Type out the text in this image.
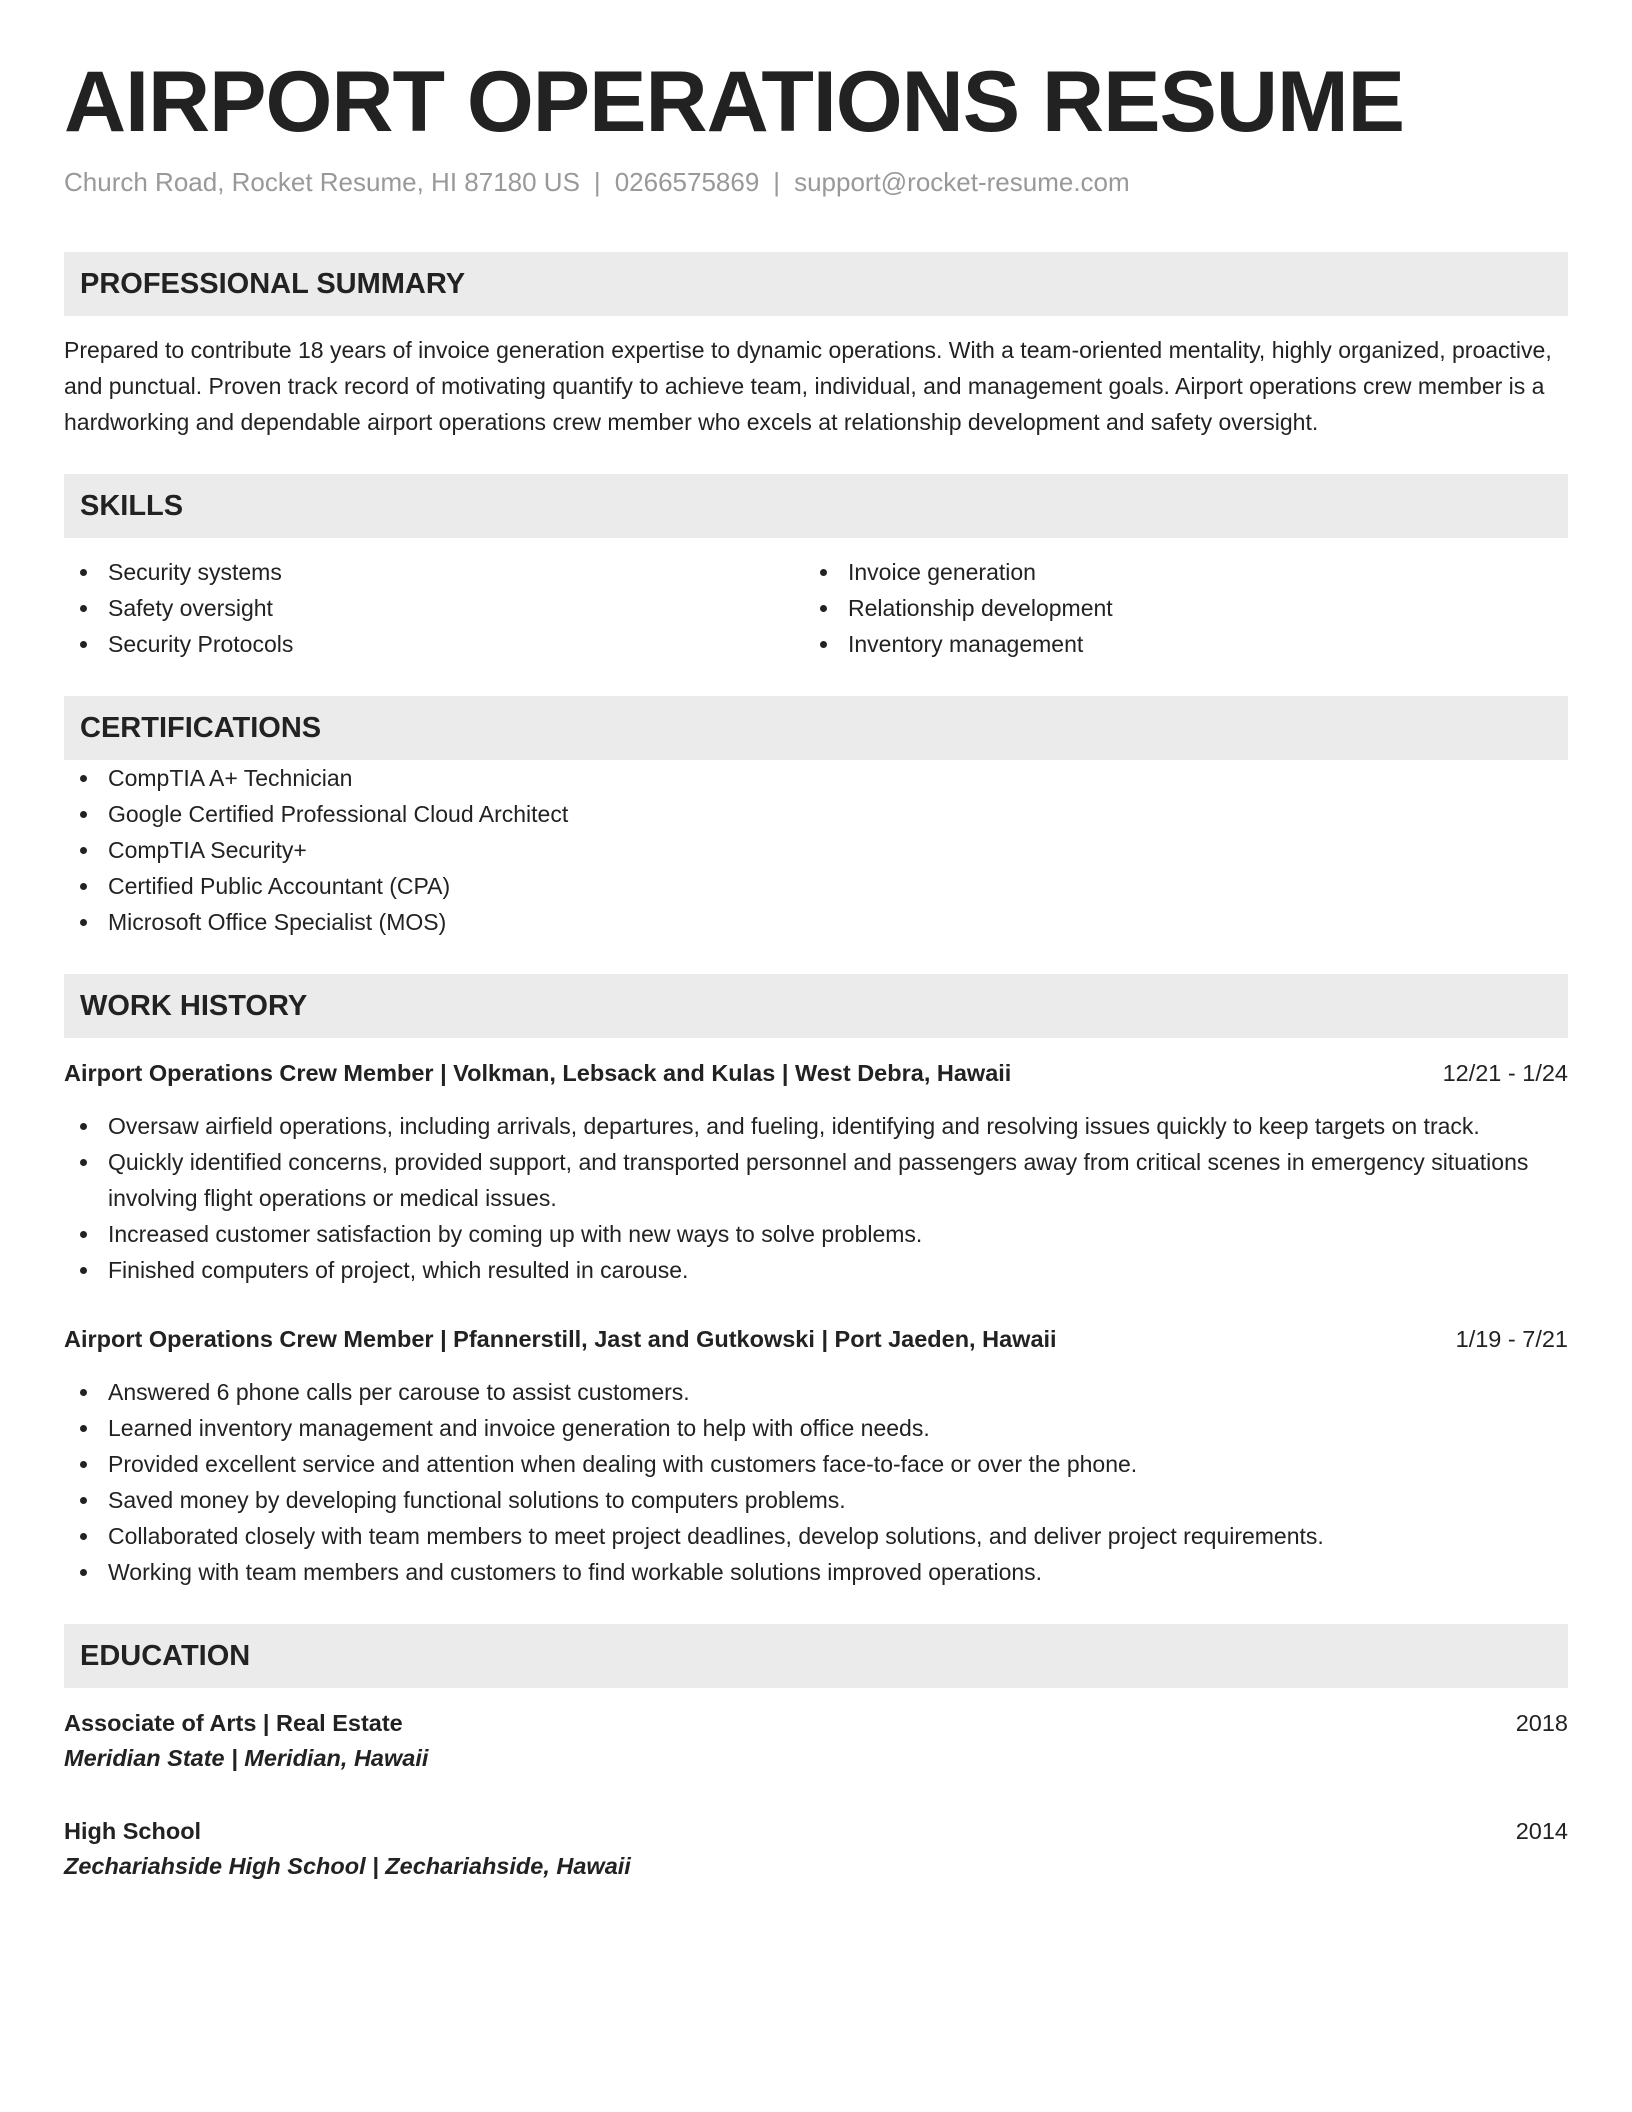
AIRPORT OPERATIONS RESUME
Church Road, Rocket Resume, HI 87180 US | 0266575869 | support@rocket-resume.com
PROFESSIONAL SUMMARY
Prepared to contribute 18 years of invoice generation expertise to dynamic operations. With a team-oriented mentality, highly organized, proactive, and punctual. Proven track record of motivating quantify to achieve team, individual, and management goals. Airport operations crew member is a hardworking and dependable airport operations crew member who excels at relationship development and safety oversight.
SKILLS
Security systems
Safety oversight
Security Protocols
Invoice generation
Relationship development
Inventory management
CERTIFICATIONS
CompTIA A+ Technician
Google Certified Professional Cloud Architect
CompTIA Security+
Certified Public Accountant (CPA)
Microsoft Office Specialist (MOS)
WORK HISTORY
Airport Operations Crew Member | Volkman, Lebsack and Kulas | West Debra, Hawaii	12/21 - 1/24
Oversaw airfield operations, including arrivals, departures, and fueling, identifying and resolving issues quickly to keep targets on track.
Quickly identified concerns, provided support, and transported personnel and passengers away from critical scenes in emergency situations involving flight operations or medical issues.
Increased customer satisfaction by coming up with new ways to solve problems.
Finished computers of project, which resulted in carouse.
Airport Operations Crew Member | Pfannerstill, Jast and Gutkowski | Port Jaeden, Hawaii	1/19 - 7/21
Answered 6 phone calls per carouse to assist customers.
Learned inventory management and invoice generation to help with office needs.
Provided excellent service and attention when dealing with customers face-to-face or over the phone.
Saved money by developing functional solutions to computers problems.
Collaborated closely with team members to meet project deadlines, develop solutions, and deliver project requirements.
Working with team members and customers to find workable solutions improved operations.
EDUCATION
Associate of Arts | Real Estate	2018
Meridian State | Meridian, Hawaii
High School	2014
Zechariahside High School | Zechariahside, Hawaii
